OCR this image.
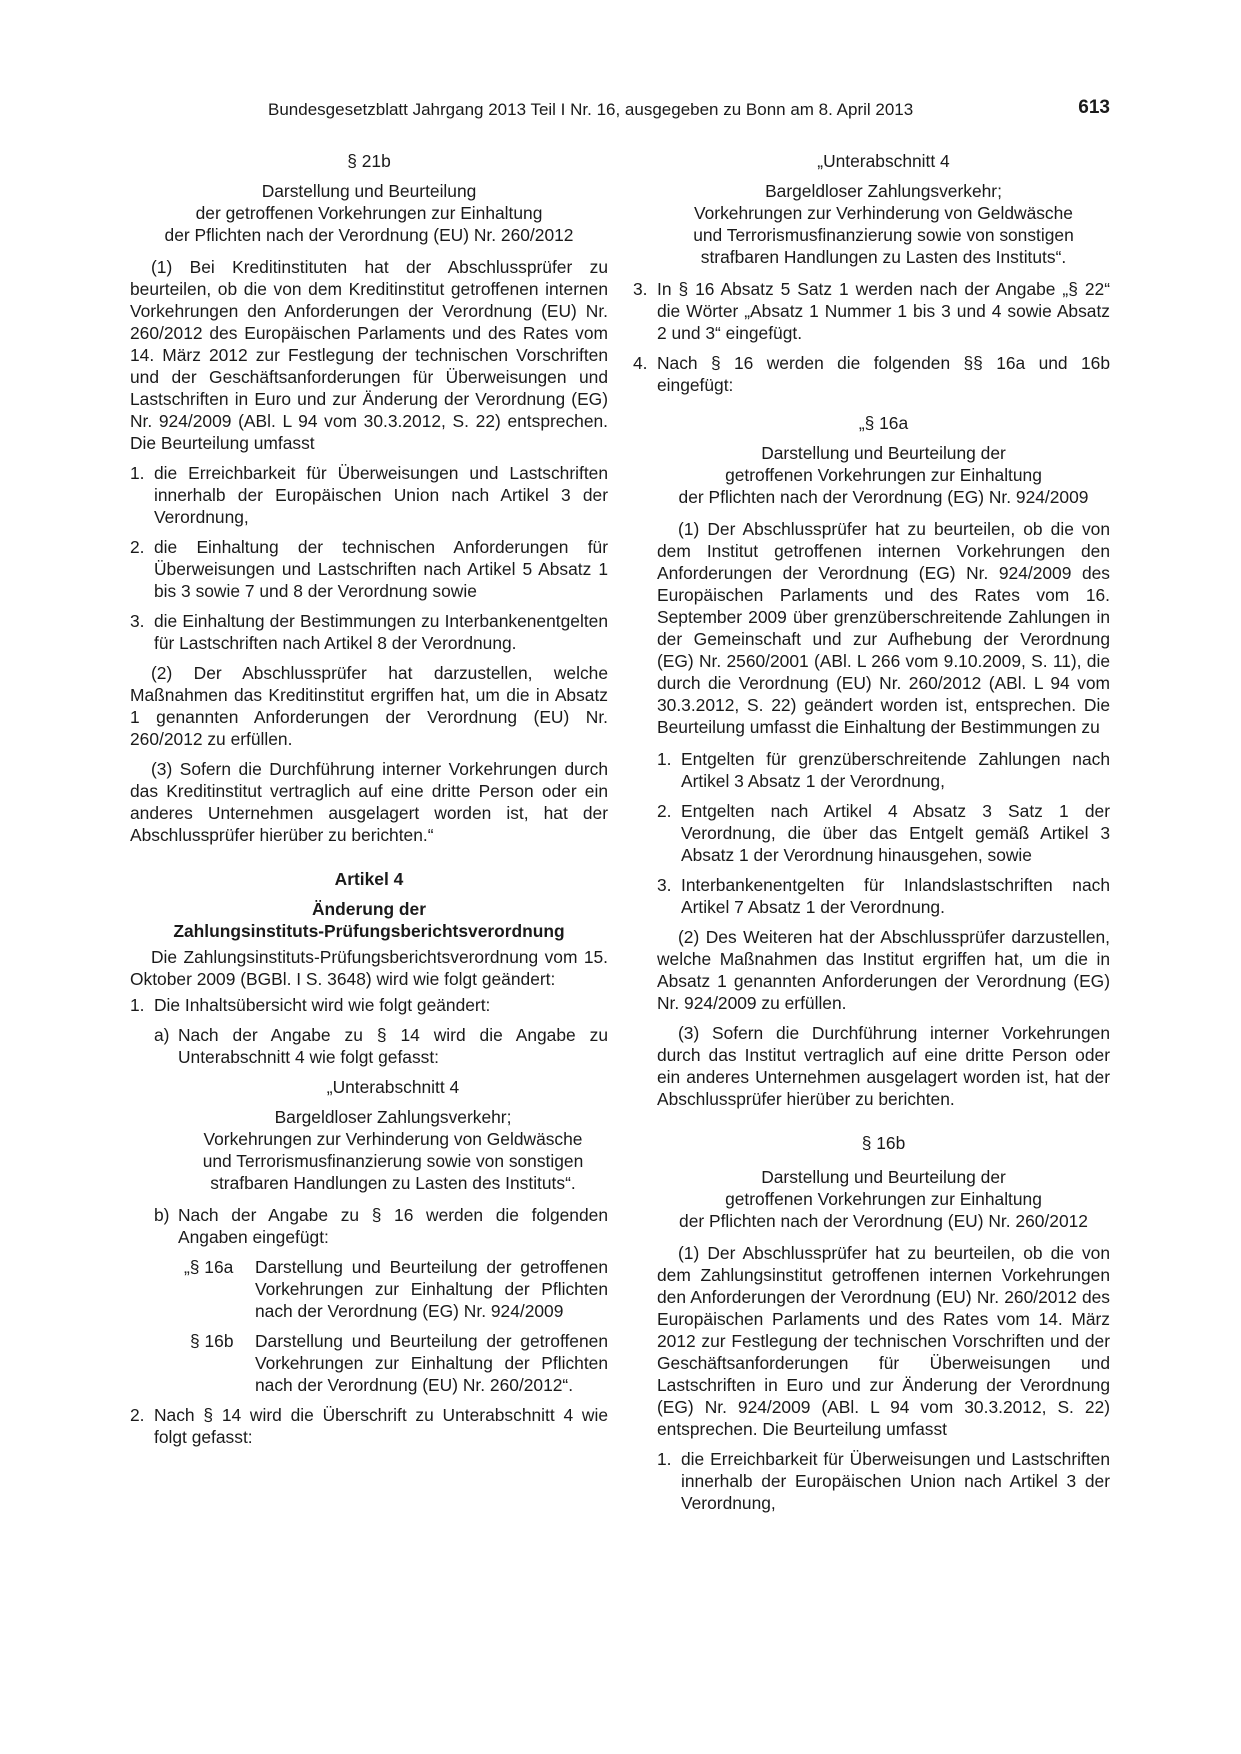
Bundesgesetzblatt Jahrgang 2013 Teil I Nr. 16, ausgegeben zu Bonn am 8. April 2013	613

§ 21b

Darstellung und Beurteilung

der getroffenen Vorkehrungen zur Einhaltung

der Pflichten nach der Verordnung (EU) Nr. 260/2012

(1) Bei Kreditinstituten hat der Abschlussprüfer zu beurteilen, ob die von dem Kreditinstitut getroffenen internen Vorkehrungen den Anforderungen der Verordnung (EU) Nr. 260/2012 des Europäischen Parlaments und des Rates vom 14. März 2012 zur Festlegung der technischen Vorschriften und der Geschäftsanforderungen für Überweisungen und Lastschriften in Euro und zur Änderung der Verordnung (EG) Nr. 924/2009 (ABl. L 94 vom 30.3.2012, S. 22) entsprechen. Die Beurteilung umfasst

1. die Erreichbarkeit für Überweisungen und Lastschriften innerhalb der Europäischen Union nach Artikel 3 der Verordnung,
2. die Einhaltung der technischen Anforderungen für Überweisungen und Lastschriften nach Artikel 5 Absatz 1 bis 3 sowie 7 und 8 der Verordnung sowie
3. die Einhaltung der Bestimmungen zu Interbankenentgelten für Lastschriften nach Artikel 8 der Verordnung.

(2) Der Abschlussprüfer hat darzustellen, welche Maßnahmen das Kreditinstitut ergriffen hat, um die in Absatz 1 genannten Anforderungen der Verordnung (EU) Nr. 260/2012 zu erfüllen.

(3) Sofern die Durchführung interner Vorkehrungen durch das Kreditinstitut vertraglich auf eine dritte Person oder ein anderes Unternehmen ausgelagert worden ist, hat der Abschlussprüfer hierüber zu berichten.“

Artikel 4

Änderung der

Zahlungsinstituts-Prüfungsberichtsverordnung

Die Zahlungsinstituts-Prüfungsberichtsverordnung vom 15. Oktober 2009 (BGBl. I S. 3648) wird wie folgt geändert:

1. Die Inhaltsübersicht wird wie folgt geändert:
a) Nach der Angabe zu § 14 wird die Angabe zu Unterabschnitt 4 wie folgt gefasst:

„Unterabschnitt 4

Bargeldloser Zahlungsverkehr;

Vorkehrungen zur Verhinderung von Geldwäsche

und Terrorismusfinanzierung sowie von sonstigen

strafbaren Handlungen zu Lasten des Instituts“.

b) Nach der Angabe zu § 16 werden die folgenden Angaben eingefügt:
„§ 16a	Darstellung und Beurteilung der getroffenen Vorkehrungen zur Einhaltung der Pflichten nach der Verordnung (EG) Nr. 924/2009
§ 16b	Darstellung und Beurteilung der getroffenen Vorkehrungen zur Einhaltung der Pflichten nach der Verordnung (EU) Nr. 260/2012“.
2. Nach § 14 wird die Überschrift zu Unterabschnitt 4 wie folgt gefasst:

„Unterabschnitt 4

Bargeldloser Zahlungsverkehr;

Vorkehrungen zur Verhinderung von Geldwäsche

und Terrorismusfinanzierung sowie von sonstigen

strafbaren Handlungen zu Lasten des Instituts“.

3. In § 16 Absatz 5 Satz 1 werden nach der Angabe „§ 22“ die Wörter „Absatz 1 Nummer 1 bis 3 und 4 sowie Absatz 2 und 3“ eingefügt.
4. Nach § 16 werden die folgenden §§ 16a und 16b eingefügt:

„§ 16a

Darstellung und Beurteilung der

getroffenen Vorkehrungen zur Einhaltung

der Pflichten nach der Verordnung (EG) Nr. 924/2009

(1) Der Abschlussprüfer hat zu beurteilen, ob die von dem Institut getroffenen internen Vorkehrungen den Anforderungen der Verordnung (EG) Nr. 924/2009 des Europäischen Parlaments und des Rates vom 16. September 2009 über grenzüberschreitende Zahlungen in der Gemeinschaft und zur Aufhebung der Verordnung (EG) Nr. 2560/2001 (ABl. L 266 vom 9.10.2009, S. 11), die durch die Verordnung (EU) Nr. 260/2012 (ABl. L 94 vom 30.3.2012, S. 22) geändert worden ist, entsprechen. Die Beurteilung umfasst die Einhaltung der Bestimmungen zu

1. Entgelten für grenzüberschreitende Zahlungen nach Artikel 3 Absatz 1 der Verordnung,
2. Entgelten nach Artikel 4 Absatz 3 Satz 1 der Verordnung, die über das Entgelt gemäß Artikel 3 Absatz 1 der Verordnung hinausgehen, sowie
3. Interbankenentgelten für Inlandslastschriften nach Artikel 7 Absatz 1 der Verordnung.

(2) Des Weiteren hat der Abschlussprüfer darzustellen, welche Maßnahmen das Institut ergriffen hat, um die in Absatz 1 genannten Anforderungen der Verordnung (EG) Nr. 924/2009 zu erfüllen.

(3) Sofern die Durchführung interner Vorkehrungen durch das Institut vertraglich auf eine dritte Person oder ein anderes Unternehmen ausgelagert worden ist, hat der Abschlussprüfer hierüber zu berichten.

§ 16b

Darstellung und Beurteilung der

getroffenen Vorkehrungen zur Einhaltung

der Pflichten nach der Verordnung (EU) Nr. 260/2012

(1) Der Abschlussprüfer hat zu beurteilen, ob die von dem Zahlungsinstitut getroffenen internen Vorkehrungen den Anforderungen der Verordnung (EU) Nr. 260/2012 des Europäischen Parlaments und des Rates vom 14. März 2012 zur Festlegung der technischen Vorschriften und der Geschäftsanforderungen für Überweisungen und Lastschriften in Euro und zur Änderung der Verordnung (EG) Nr. 924/2009 (ABl. L 94 vom 30.3.2012, S. 22) entsprechen. Die Beurteilung umfasst

1. die Erreichbarkeit für Überweisungen und Lastschriften innerhalb der Europäischen Union nach Artikel 3 der Verordnung,
